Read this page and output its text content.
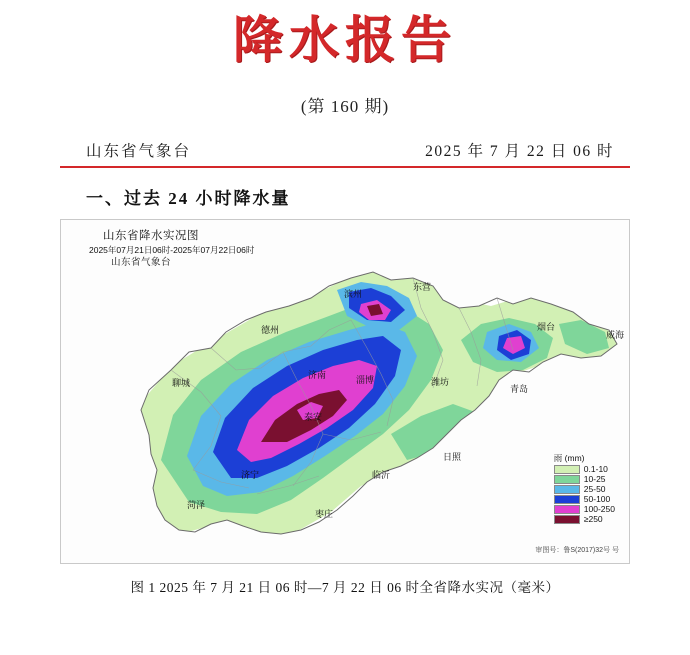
降水报告
(第 160 期)
山东省气象台	2025 年 7 月 22 日 06 时
一、过去 24 小时降水量
山东省降水实况图
2025年07月21日06时-2025年07月22日06时
山东省气象台
滨州
东营
德州	烟台
威海
济南	淄博	潍坊
聊城
青岛
泰安
日照
济宁	临沂
菏泽
枣庄
雨 (mm)
0.1-10
10-25
25-50
50-100
100-250
≥250
审图号：鲁S(2017)32号 号
图 1 2025 年 7 月 21 日 06 时—7 月 22 日 06 时全省降水实况（毫米）
